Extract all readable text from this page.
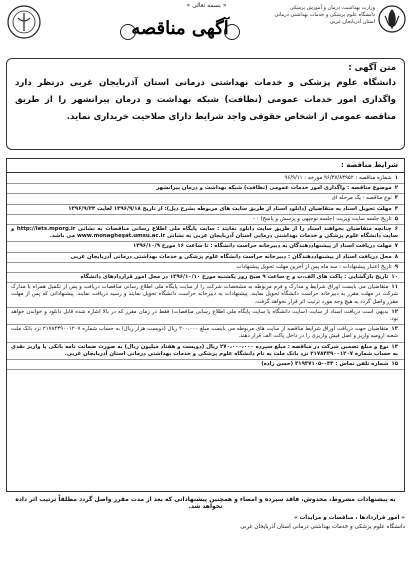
« بسمه تعالی »	وزارت بهداشت، درمان و آموزش پزشکی
دانشگاه علوم پزشکی و خدمات بهداشتی درمانی
استان آذربایجان غربی
آگهی مناقصه
متن آگهی :
دانشگاه علوم پزشکی و خدمات بهداشتی درمانی استان آذربایجان غربی درنظر دارد واگذاری امور خدمات عمومی (نظافت) شبکه بهداشت و درمان پیرانشهر را از طریق مناقصه عمومی از اشخاص حقوقی واجد شرایط دارای صلاحیت خریداری نماید.
شرایط مناقصه :
۱شماره مناقصه : ۹۶/۴۷/۸۳۹۵۲ مورخه : ۹۶/۹/۱۱
۲موضوع مناقصه : واگذاری امور خدمات عمومی (نظافت) شبکه بهداشت و درمان پیرانشهر
۳نوع مناقصه : یک مرحله ای
۴مهلت تحویل اسناد به متقاضیان (دانلود اسناد از طریق سایت های مربوطه بشرح ذیل): از تاریخ ۱۳۹۶/۹/۱۸ لغایت ۱۳۹۶/۹/۲۴
۵تاریخ جلسه سایت ویزیت (جلسه توجیهی و پرسش و پاسخ) : -
۶چنانچه متقاضیان بخواهند اسناد را از طریق سایت دانلود نمایند : سایت پایگاه ملی اطلاع رسانی مناقصات به نشانی http://iets.mporg.ir و سایت دانشگاه علوم پزشکی و خدمات بهداشتی درمانی استان آذربایجان غربی به نشانی www.monagheşat.umsu.ac.ir می باشد.
۷مهلت دریافت اسناد از پیشنهاددهندگان به دبیرخانه حراست دانشگاه : تا ساعت ۱۶ مورخ ۱۳۹۶/۱۰/۹
۸محل دریافت اسناد از پیشنهاددهندگان : دبیرخانه حراست دانشگاه علوم پزشکی و خدمات بهداشتی درمانی آذربایجان غربی
۹تاریخ اعتبار پیشنهادات : سه ماه پس از آخرین مهلت تحویل پیشنهادات
۱۰تاریخ بازگشایی : پاکت های الف،ب و ج ساعت ۹ صبح روز یکشنبه مورخ ۱۳۹۶/۱۰/۱۰ در محل امور قراردادهای دانشگاه
۱۱متقاضیان می بایست اوراق شرایط و مدارک و فرم مربوطه به مشخصات شرکت را از سایت پایگاه ملی اطلاع رسانی مناقصات دریافت و پس از تکمیل همراه با مدارک شرکت در مهلت مقرر به دبیرخانه حراست دانشگاه تحویل نمایند. پیشنهادات به دبیرخانه حراست دانشگاه تحویل نمایند و رسید دریافت نمایند. پیشنهاداتی که پس از مهلت مقرر واصل گردد به هیچ وجه مورد ترتیب اثر قرار نخواهد گرفت.
۱۲بدیهی است دریافت اسناد از سایت (سایت دانشگاه یا سایت پایگاه ملی اطلاع رسانی مناقصات) فقط در زمان مقرر که در بالا اشاره شده قابل دانلود و خواندن خواهد بود.
۱۳متقاضیان جهت دریافت اوراق شرایط مناقصه از سایت های مربوطه می بایست مبلغ ۲۰۰،۰۰۰ ریال (دویست هزار ریال) به حساب شماره ۲۱۷۸۴۳۹۰۰۱۲۰۷ نزد بانک ملت شعبه ارومیه واریز و اصل فیش واریزی را در داخل پاکت الف قرار دهند.
۱۴نوع و مبلغ تضمین شرکت در مناقصه : مبلغ سپرده ۲۷۰،۰۰۰،۰۰۰ ریال (دویست و هفتاد میلیون ریال) به صورت ضمانت نامه بانکی یا واریز نقدی به حساب شماره ۲۱۷۸۴۳۹۰۰۱۲۰۷ نزد بانک ملت به نام دانشگاه علوم پزشکی و خدمات بهداشتی درمانی استان آذربایجان غربی.
۱۵شماره تلفن تماس : ۰۴۴-۳۱۹۳۷۱۰۵ (حسن زاده)
به پیشنهادات مشروط، مخدوش، فاقد سپرده و امضاء و همچنین پیشنهاداتی که بعد از مدت مقرر واصل گردد مطلقاً ترتیب اثر داده نخواهد شد.
« امور قراردادها ، مناقصات و مزایدات »
دانشگاه علوم پزشکی و خدمات بهداشتی درمانی استان آذربایجان غربی
